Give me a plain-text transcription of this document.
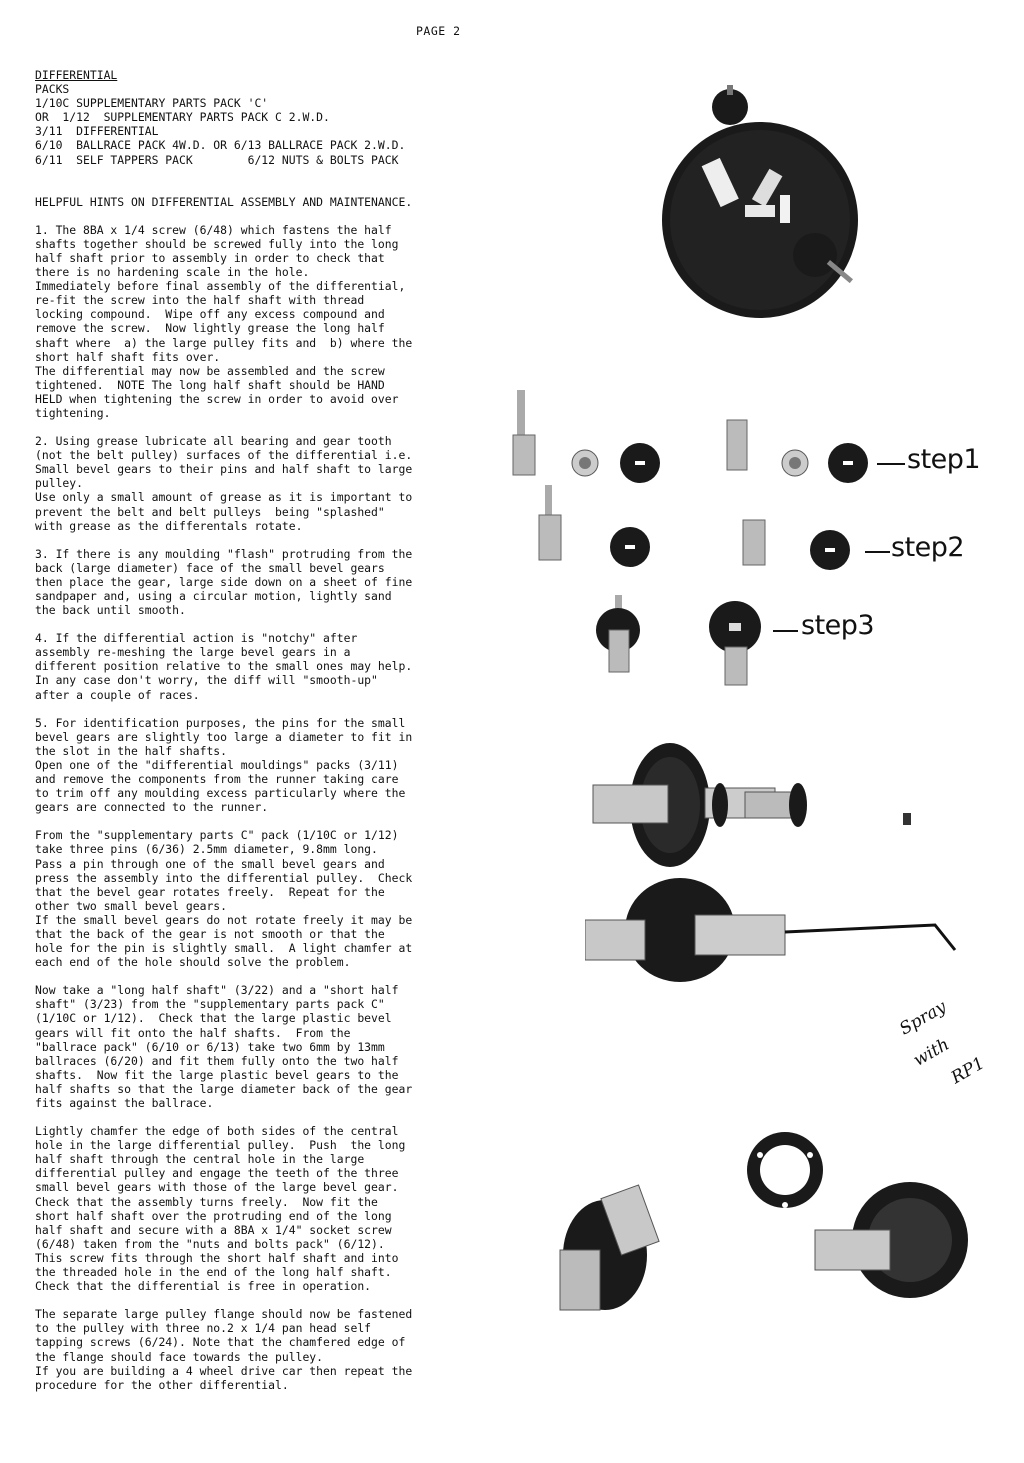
PAGE 2
DIFFERENTIAL
PACKS
1/10C SUPPLEMENTARY PARTS PACK 'C'
OR  1/12  SUPPLEMENTARY PARTS PACK C 2.W.D.
3/11  DIFFERENTIAL
6/10  BALLRACE PACK 4W.D. OR 6/13 BALLRACE PACK 2.W.D.
6/11  SELF TAPPERS PACK        6/12 NUTS & BOLTS PACK
HELPFUL HINTS ON DIFFERENTIAL ASSEMBLY AND MAINTENANCE.
1. The 8BA x 1/4 screw (6/48) which fastens the half
shafts together should be screwed fully into the long
half shaft prior to assembly in order to check that
there is no hardening scale in the hole.
Immediately before final assembly of the differential,
re-fit the screw into the half shaft with thread
locking compound.  Wipe off any excess compound and
remove the screw.  Now lightly grease the long half
shaft where  a) the large pulley fits and  b) where the
short half shaft fits over.
The differential may now be assembled and the screw
tightened.  NOTE The long half shaft should be HAND
HELD when tightening the screw in order to avoid over
tightening.
2. Using grease lubricate all bearing and gear tooth
(not the belt pulley) surfaces of the differential i.e.
Small bevel gears to their pins and half shaft to large
pulley.
Use only a small amount of grease as it is important to
prevent the belt and belt pulleys  being "splashed"
with grease as the differentals rotate.
3. If there is any moulding "flash" protruding from the
back (large diameter) face of the small bevel gears
then place the gear, large side down on a sheet of fine
sandpaper and, using a circular motion, lightly sand
the back until smooth.
4. If the differential action is "notchy" after
assembly re-meshing the large bevel gears in a
different position relative to the small ones may help.
In any case don't worry, the diff will "smooth-up"
after a couple of races.
5. For identification purposes, the pins for the small
bevel gears are slightly too large a diameter to fit in
the slot in the half shafts.
Open one of the "differential mouldings" packs (3/11)
and remove the components from the runner taking care
to trim off any moulding excess particularly where the
gears are connected to the runner.
From the "supplementary parts C" pack (1/10C or 1/12)
take three pins (6/36) 2.5mm diameter, 9.8mm long.
Pass a pin through one of the small bevel gears and
press the assembly into the differential pulley.  Check
that the bevel gear rotates freely.  Repeat for the
other two small bevel gears.
If the small bevel gears do not rotate freely it may be
that the back of the gear is not smooth or that the
hole for the pin is slightly small.  A light chamfer at
each end of the hole should solve the problem.
Now take a "long half shaft" (3/22) and a "short half
shaft" (3/23) from the "supplementary parts pack C"
(1/10C or 1/12).  Check that the large plastic bevel
gears will fit onto the half shafts.  From the
"ballrace pack" (6/10 or 6/13) take two 6mm by 13mm
ballraces (6/20) and fit them fully onto the two half
shafts.  Now fit the large plastic bevel gears to the
half shafts so that the large diameter back of the gear
fits against the ballrace.
Lightly chamfer the edge of both sides of the central
hole in the large differential pulley.  Push  the long
half shaft through the central hole in the large
differential pulley and engage the teeth of the three
small bevel gears with those of the large bevel gear.
Check that the assembly turns freely.  Now fit the
short half shaft over the protruding end of the long
half shaft and secure with a 8BA x 1/4" socket screw
(6/48) taken from the "nuts and bolts pack" (6/12).
This screw fits through the short half shaft and into
the threaded hole in the end of the long half shaft.
Check that the differential is free in operation.
The separate large pulley flange should now be fastened
to the pulley with three no.2 x 1/4 pan head self
tapping screws (6/24). Note that the chamfered edge of
the flange should face towards the pulley.
If you are building a 4 wheel drive car then repeat the
procedure for the other differential.
step1
step2
step3

Spray

with

RP1
